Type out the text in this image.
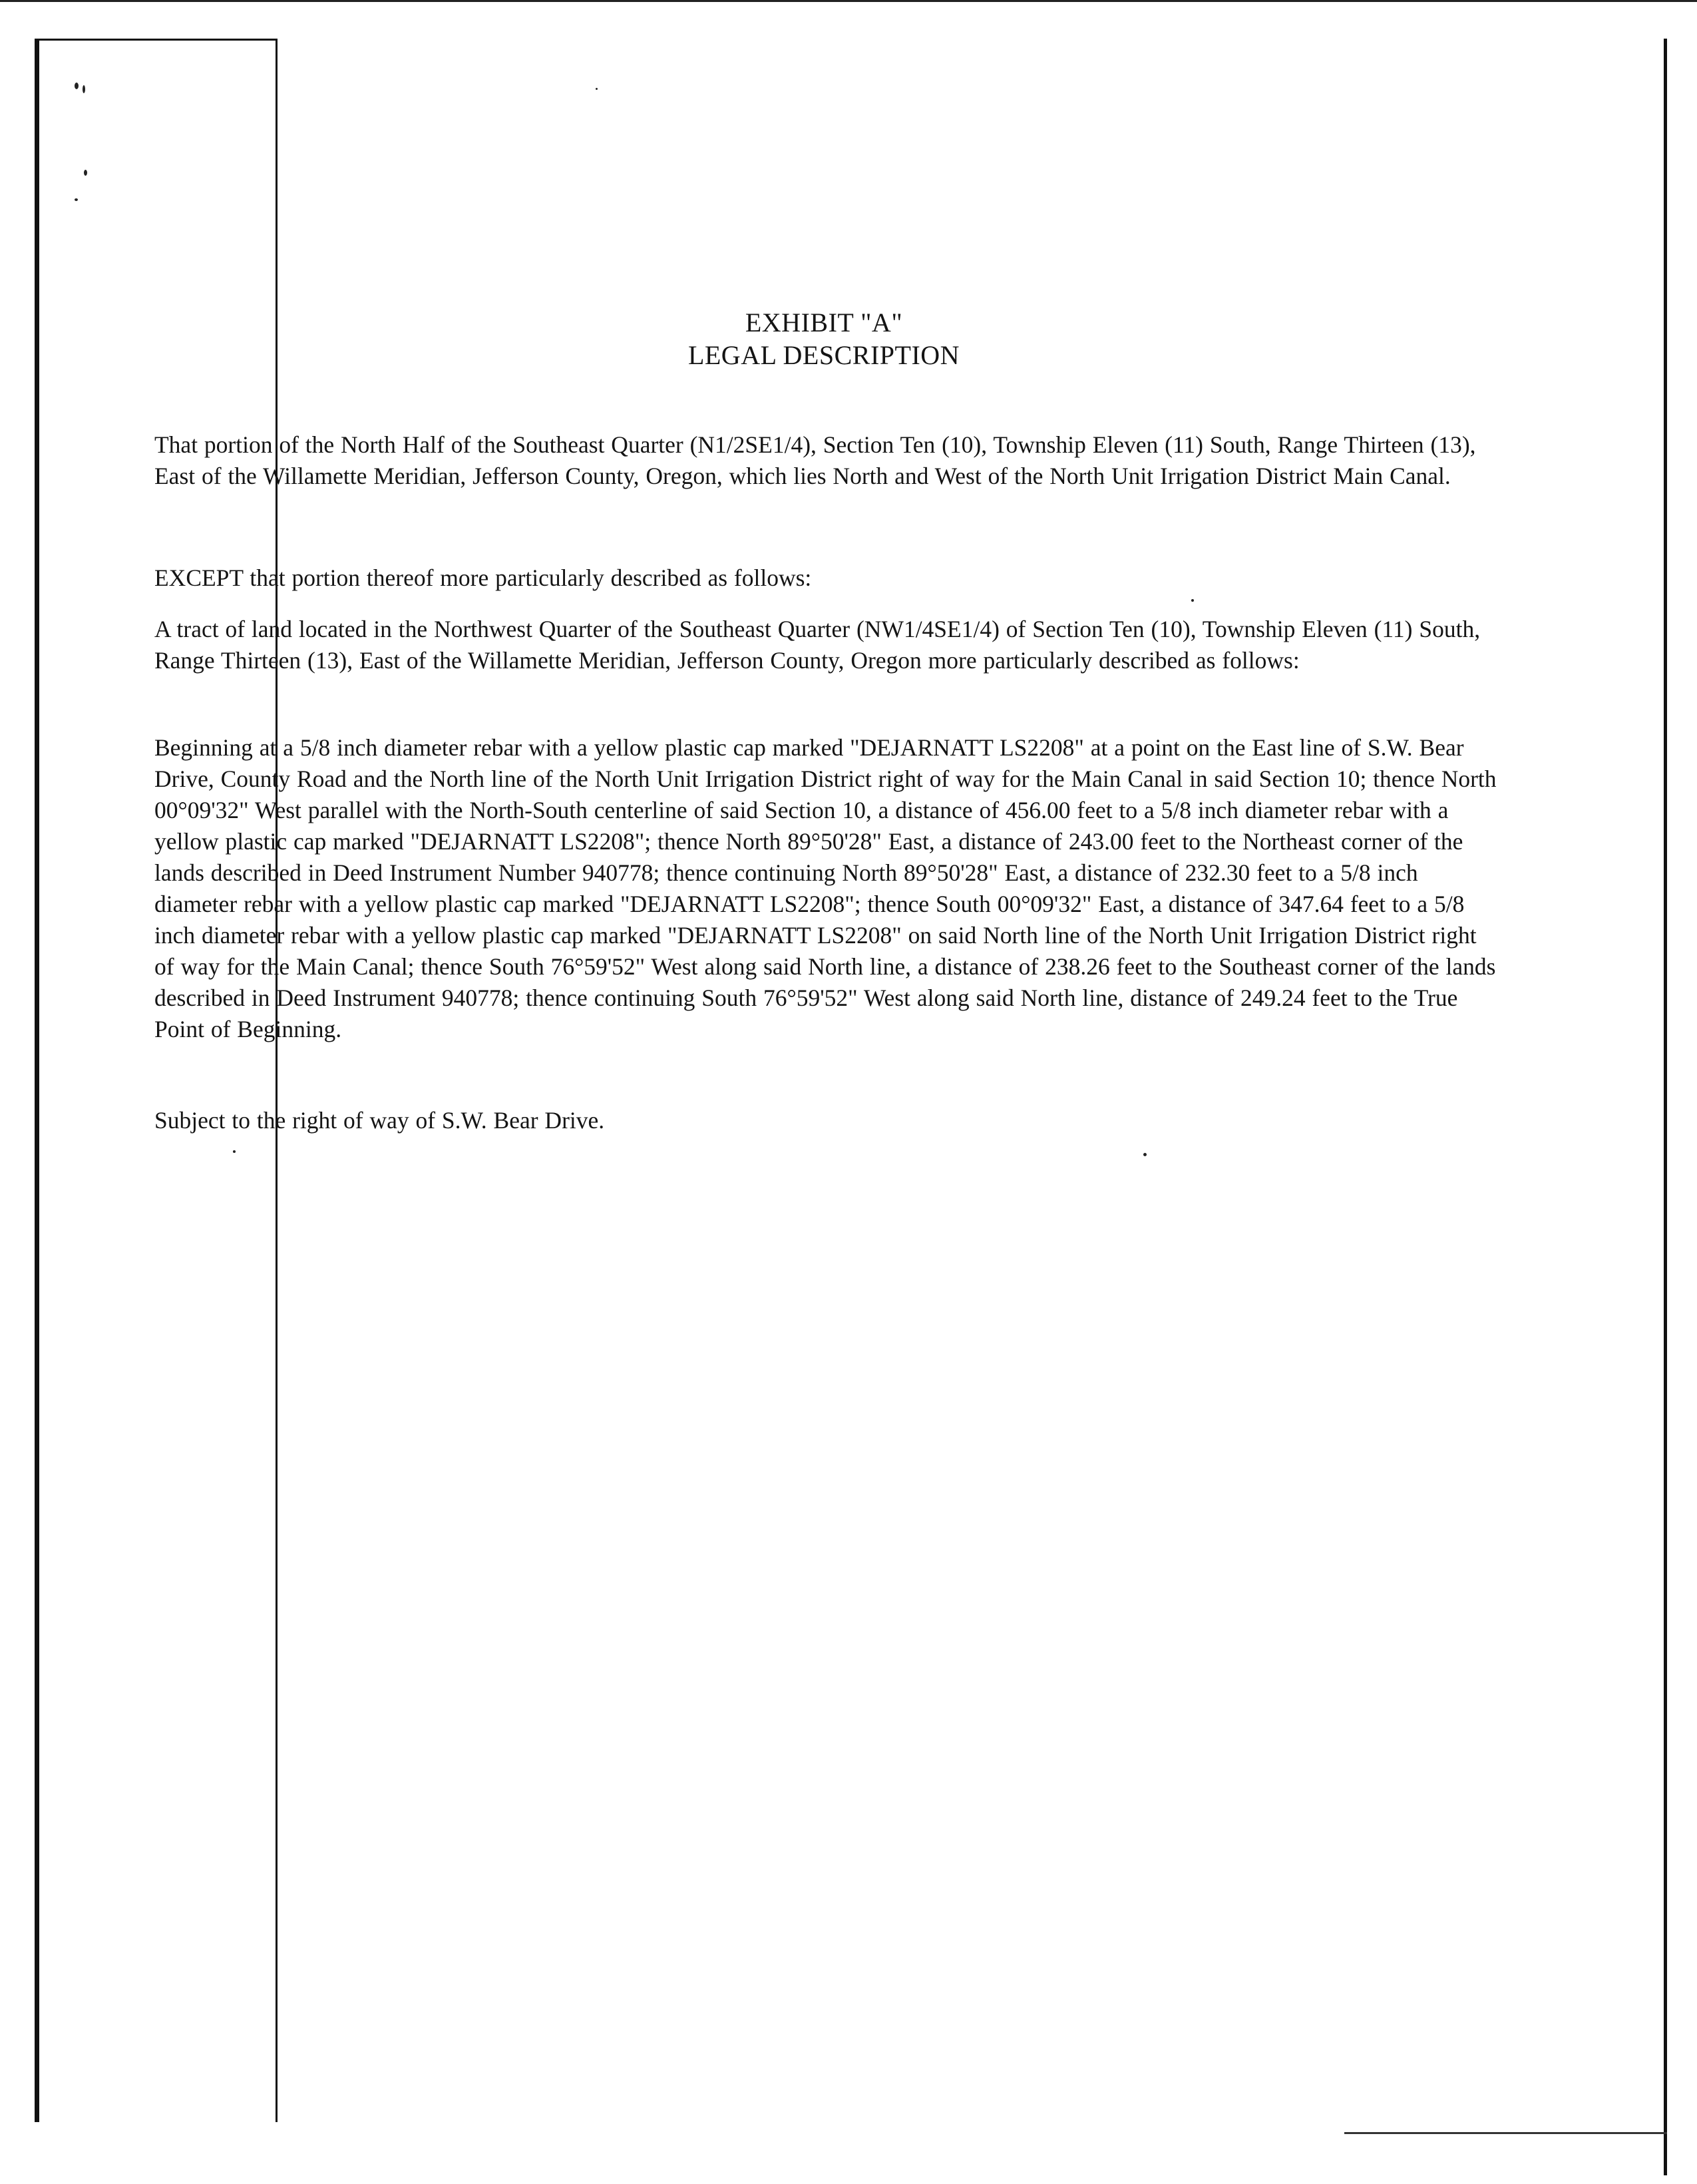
EXHIBIT "A"
LEGAL DESCRIPTION

That portion of the North Half of the Southeast Quarter (N1/2SE1/4), Section Ten (10), Township Eleven (11) South, Range Thirteen (13), East of the Willamette Meridian, Jefferson County, Oregon, which lies North and West of the North Unit Irrigation District Main Canal.

EXCEPT that portion thereof more particularly described as follows:

A tract of land located in the Northwest Quarter of the Southeast Quarter (NW1/4SE1/4) of Section Ten (10), Township Eleven (11) South, Range Thirteen (13), East of the Willamette Meridian, Jefferson County, Oregon more particularly described as follows:

Beginning at a 5/8 inch diameter rebar with a yellow plastic cap marked "DEJARNATT LS2208" at a point on the East line of S.W. Bear Drive, County Road and the North line of the North Unit Irrigation District right of way for the Main Canal in said Section 10; thence North 00°09'32" West parallel with the North-South centerline of said Section 10, a distance of 456.00 feet to a 5/8 inch diameter rebar with a yellow plastic cap marked "DEJARNATT LS2208"; thence North 89°50'28" East, a distance of 243.00 feet to the Northeast corner of the lands described in Deed Instrument Number 940778; thence continuing North 89°50'28" East, a distance of 232.30 feet to a 5/8 inch diameter rebar with a yellow plastic cap marked "DEJARNATT LS2208"; thence South 00°09'32" East, a distance of 347.64 feet to a 5/8 inch diameter rebar with a yellow plastic cap marked "DEJARNATT LS2208" on said North line of the North Unit Irrigation District right of way for the Main Canal; thence South 76°59'52" West along said North line, a distance of 238.26 feet to the Southeast corner of the lands described in Deed Instrument 940778; thence continuing South 76°59'52" West along said North line, distance of 249.24 feet to the True Point of Beginning.

Subject to the right of way of S.W. Bear Drive.
